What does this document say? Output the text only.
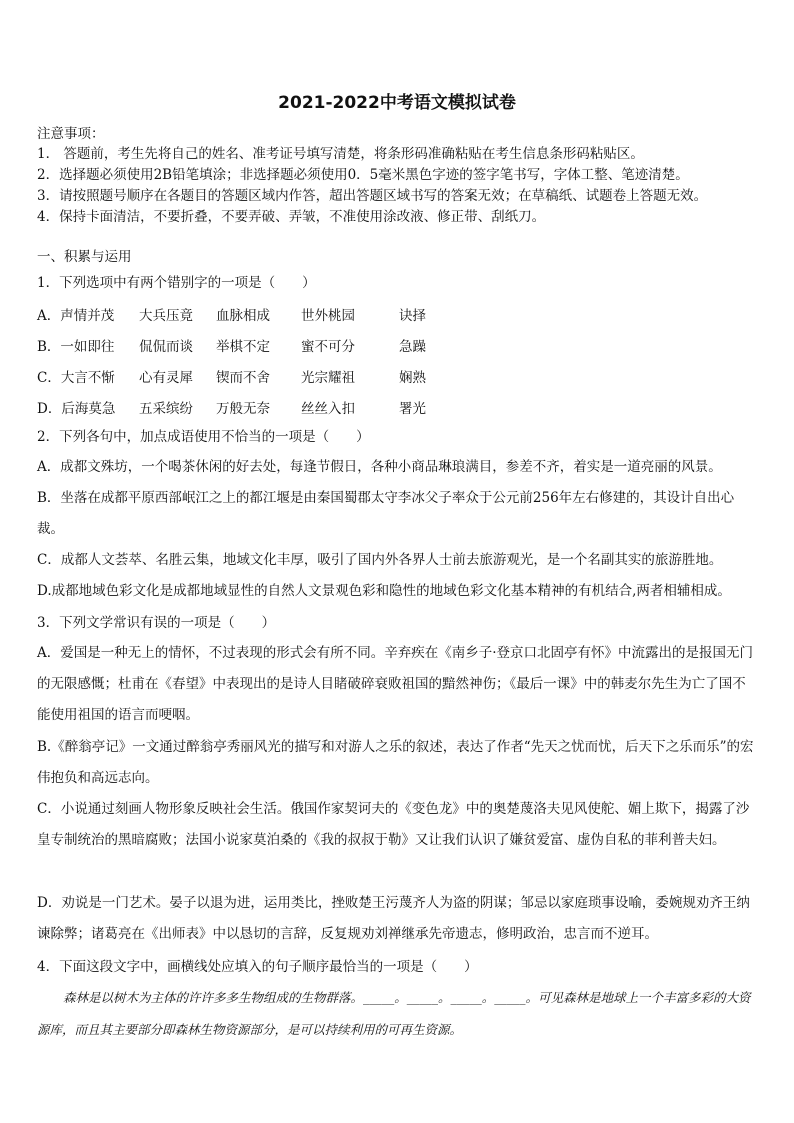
2021-2022中考语文模拟试卷
注意事项：
1． 答题前，考生先将自己的姓名、准考证号填写清楚，将条形码准确粘贴在考生信息条形码粘贴区。
2．选择题必须使用2B铅笔填涂；非选择题必须使用0．5毫米黑色字迹的签字笔书写，字体工整、笔迹清楚。
3．请按照题号顺序在各题目的答题区域内作答，超出答题区域书写的答案无效；在草稿纸、试题卷上答题无效。
4．保持卡面清洁，不要折叠，不要弄破、弄皱，不准使用涂改液、修正带、刮纸刀。
一、积累与运用
1．下列选项中有两个错别字的一项是（　　）
A．声情并茂 大兵压竟 血脉相成 世外桃园	诀择
B．一如即往 侃侃而谈 举棋不定 蜜不可分	急躁
C．大言不惭 心有灵犀 锲而不舍 光宗耀祖	娴熟
D．后海莫急 五采缤纷 万般无奈 丝丝入扣	署光
2．下列各句中，加点成语使用不恰当的一项是（　　）
A．成都文殊坊，一个喝茶休闲的好去处，每逢节假日，各种小商品琳琅满目，参差不齐，着实是一道亮丽的风景。
B．坐落在成都平原西部岷江之上的都江堰是由秦国蜀郡太守李冰父子率众于公元前256年左右修建的，其设计自出心裁。
C．成都人文荟萃、名胜云集，地域文化丰厚，吸引了国内外各界人士前去旅游观光，是一个名副其实的旅游胜地。
D.成都地域色彩文化是成都地域显性的自然人文景观色彩和隐性的地域色彩文化基本精神的有机结合,两者相辅相成。
3．下列文学常识有误的一项是（　　）
A．爱国是一种无上的情怀，不过表现的形式会有所不同。辛弃疾在《南乡子·登京口北固亭有怀》中流露出的是报国无门的无限感慨；杜甫在《春望》中表现出的是诗人目睹破碎衰败祖国的黯然神伤；《最后一课》中的韩麦尔先生为亡了国不能使用祖国的语言而哽咽。
B.《醉翁亭记》一文通过醉翁亭秀丽风光的描写和对游人之乐的叙述，表达了作者“先天之忧而忧，后天下之乐而乐”的宏伟抱负和高远志向。
C．小说通过刻画人物形象反映社会生活。俄国作家契诃夫的《变色龙》中的奥楚蔑洛夫见风使舵、媚上欺下，揭露了沙皇专制统治的黑暗腐败；法国小说家莫泊桑的《我的叔叔于勒》又让我们认识了嫌贫爱富、虚伪自私的菲利普夫妇。
D．劝说是一门艺术。晏子以退为进，运用类比，挫败楚王污蔑齐人为盗的阴谋；邹忌以家庭琐事设喻，委婉规劝齐王纳谏除弊；诸葛亮在《出师表》中以恳切的言辞，反复规劝刘禅继承先帝遗志，修明政治，忠言而不逆耳。
4．下面这段文字中，画横线处应填入的句子顺序最恰当的一项是（　　）
森林是以树木为主体的许许多多生物组成的生物群落。_____。_____。_____。_____。可见森林是地球上一个丰富多彩的大资源库，而且其主要部分即森林生物资源部分，是可以持续利用的可再生资源。
